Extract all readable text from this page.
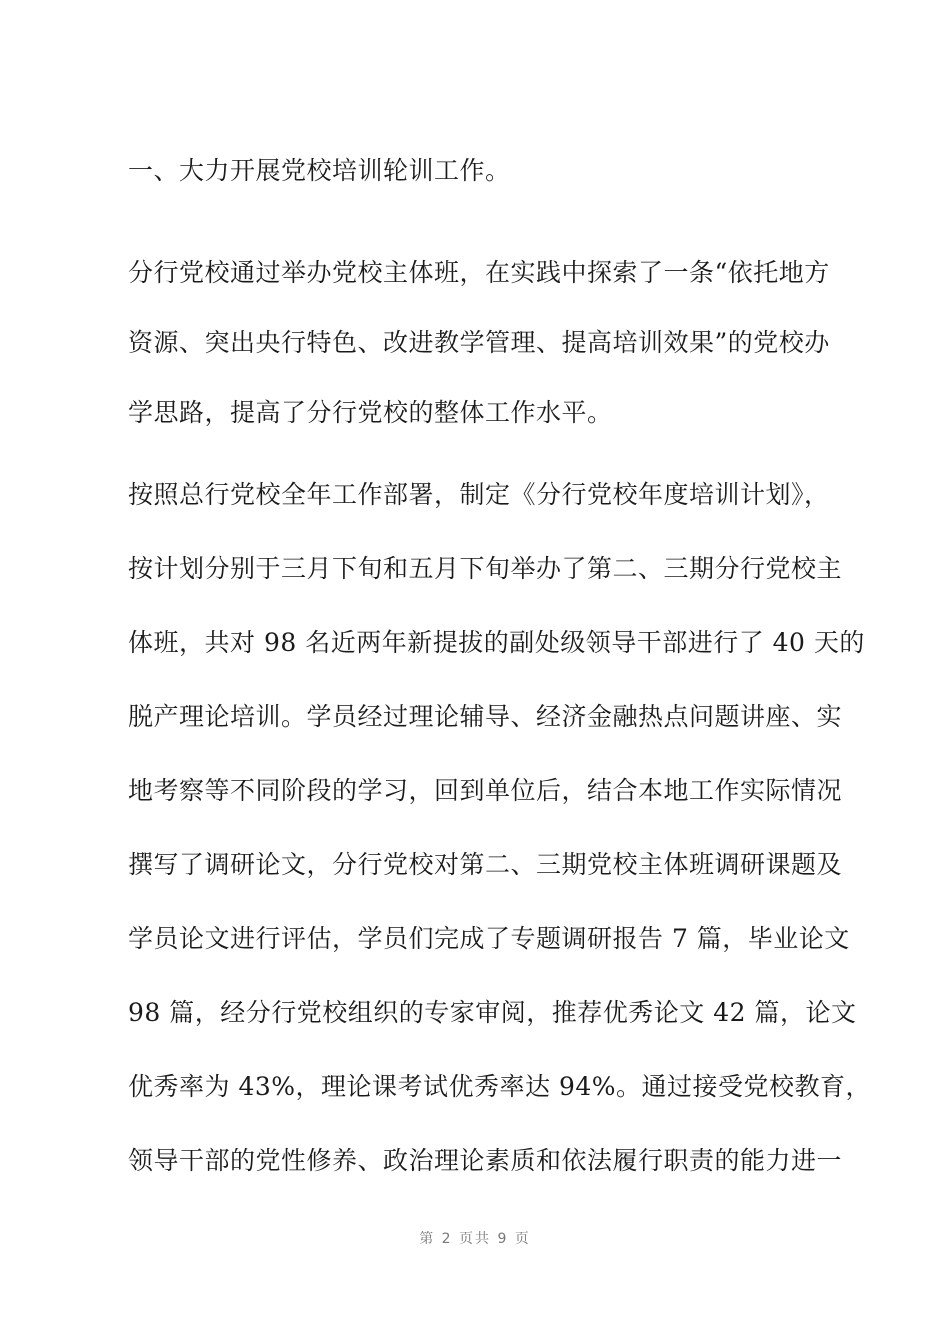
一、大力开展党校培训轮训工作。
分行党校通过举办党校主体班，在实践中探索了一条“依托地方
资源、突出央行特色、改进教学管理、提高培训效果”的党校办
学思路，提高了分行党校的整体工作水平。
按照总行党校全年工作部署，制定《分行党校年度培训计划》，
按计划分别于三月下旬和五月下旬举办了第二、三期分行党校主
体班，共对 98 名近两年新提拔的副处级领导干部进行了 40 天的
脱产理论培训。学员经过理论辅导、经济金融热点问题讲座、实
地考察等不同阶段的学习，回到单位后，结合本地工作实际情况
撰写了调研论文，分行党校对第二、三期党校主体班调研课题及
学员论文进行评估，学员们完成了专题调研报告 7 篇，毕业论文
98 篇，经分行党校组织的专家审阅，推荐优秀论文 42 篇，论文
优秀率为 43%，理论课考试优秀率达 94%。通过接受党校教育，
领导干部的党性修养、政治理论素质和依法履行职责的能力进一
第 2 页共 9 页
